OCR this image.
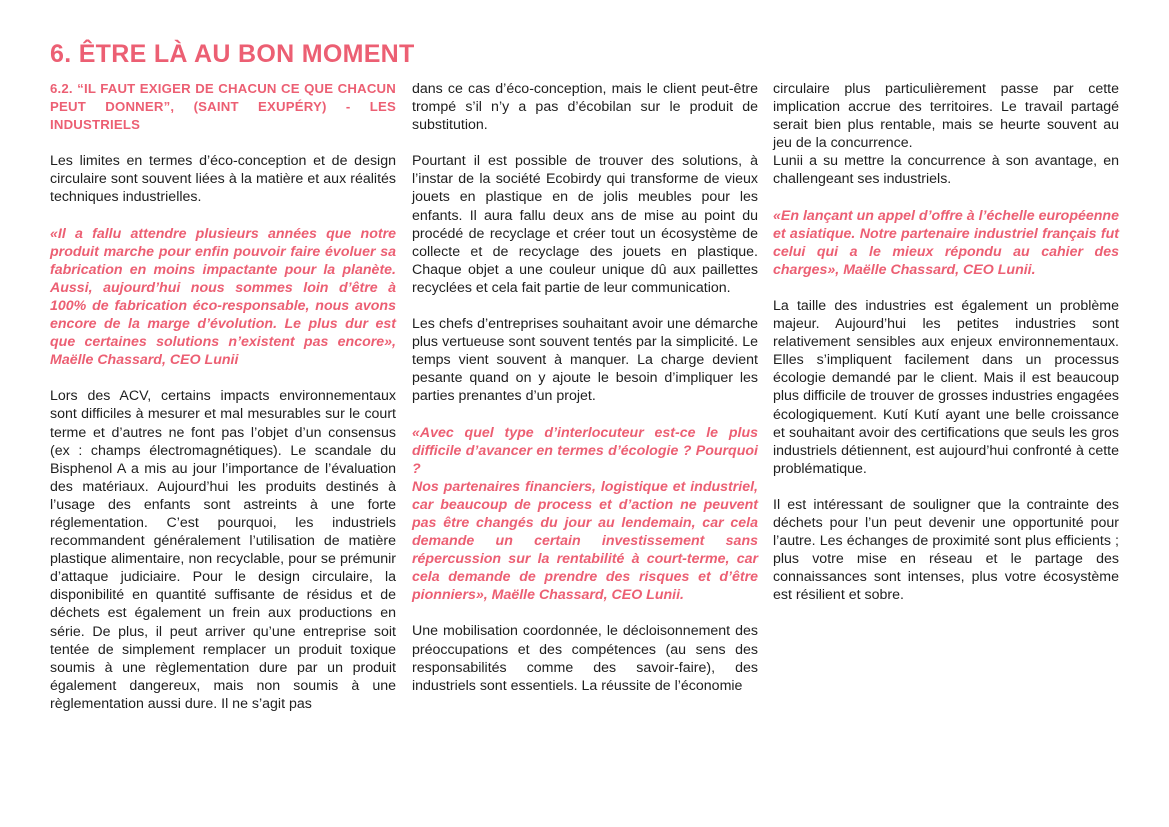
6. ÊTRE LÀ AU BON MOMENT
6.2. “IL FAUT EXIGER DE CHACUN CE QUE CHACUN PEUT DONNER”, (SAINT EXUPÉRY) - LES INDUSTRIELS

Les limites en termes d’éco-conception et de design circulaire sont souvent liées à la matière et aux réalités techniques industrielles.

«Il a fallu attendre plusieurs années que notre produit marche pour enfin pouvoir faire évoluer sa fabrication en moins impactante pour la planète. Aussi, aujourd’hui nous sommes loin d’être à 100% de fabrication éco-responsable, nous avons encore de la marge d’évolution. Le plus dur est que certaines solutions n’existent pas encore», Maëlle Chassard, CEO Lunii

Lors des ACV, certains impacts environnementaux sont difficiles à mesurer et mal mesurables sur le court terme et d’autres ne font pas l’objet d’un consensus (ex : champs électromagnétiques). Le scandale du Bisphenol A a mis au jour l’importance de l’évaluation des matériaux. Aujourd’hui les produits destinés à l’usage des enfants sont astreints à une forte réglementation. C’est pourquoi, les industriels recommandent généralement l’utilisation de matière plastique alimentaire, non recyclable, pour se prémunir d’attaque judiciaire. Pour le design circulaire, la disponibilité en quantité suffisante de résidus et de déchets est également un frein aux productions en série. De plus, il peut arriver qu’une entreprise soit tentée de simplement remplacer un produit toxique soumis à une règlementation dure par un produit également dangereux, mais non soumis à une règlementation aussi dure. Il ne s’agit pas

dans ce cas d’éco-conception, mais le client peut-être trompé s’il n’y a pas d’écobilan sur le produit de substitution.

Pourtant il est possible de trouver des solutions, à l’instar de la société Ecobirdy qui transforme de vieux jouets en plastique en de jolis meubles pour les enfants. Il aura fallu deux ans de mise au point du procédé de recyclage et créer tout un écosystème de collecte et de recyclage des jouets en plastique. Chaque objet a une couleur unique dû aux paillettes recyclées et cela fait partie de leur communication.

Les chefs d’entreprises souhaitant avoir une démarche plus vertueuse sont souvent tentés par la simplicité. Le temps vient souvent à manquer. La charge devient pesante quand on y ajoute le besoin d’impliquer les parties prenantes d’un projet.

«Avec quel type d’interlocuteur est-ce le plus difficile d’avancer en termes d’écologie ? Pourquoi ?

Nos partenaires financiers, logistique et industriel, car beaucoup de process et d’action ne peuvent pas être changés du jour au lendemain, car cela demande un certain investissement sans répercussion sur la rentabilité à court-terme, car cela demande de prendre des risques et d’être pionniers», Maëlle Chassard, CEO Lunii.

Une mobilisation coordonnée, le décloisonnement des préoccupations et des compétences (au sens des responsabilités comme des savoir-faire), des industriels sont essentiels. La réussite de l’économie

circulaire plus particulièrement passe par cette implication accrue des territoires. Le travail partagé serait bien plus rentable, mais se heurte souvent au jeu de la concurrence.

Lunii a su mettre la concurrence à son avantage, en challengeant ses industriels.

«En lançant un appel d’offre à l’échelle européenne et asiatique. Notre partenaire industriel français fut celui qui a le mieux répondu au cahier des charges», Maëlle Chassard, CEO Lunii.

La taille des industries est également un problème majeur. Aujourd’hui les petites industries sont relativement sensibles aux enjeux environnementaux. Elles s’impliquent facilement dans un processus écologie demandé par le client. Mais il est beaucoup plus difficile de trouver de grosses industries engagées écologiquement. Kutí Kutí ayant une belle croissance et souhaitant avoir des certifications que seuls les gros industriels détiennent, est aujourd’hui confronté à cette problématique.

Il est intéressant de souligner que la contrainte des déchets pour l’un peut devenir une opportunité pour l’autre. Les échanges de proximité sont plus efficients ; plus votre mise en réseau et le partage des connaissances sont intenses, plus votre écosystème est résilient et sobre.
